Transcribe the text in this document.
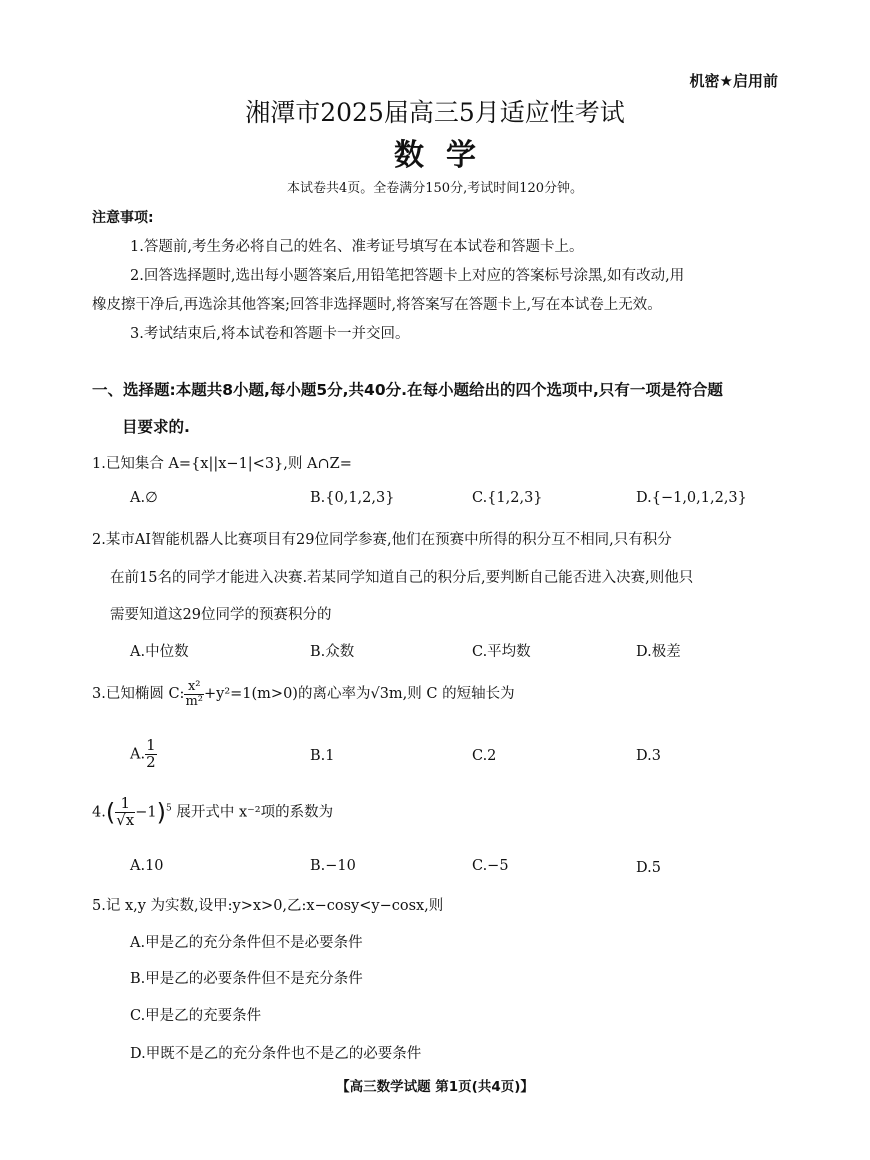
机密★启用前
湘潭市2025届高三5月适应性考试
数学
本试卷共4页。全卷满分150分,考试时间120分钟。
注意事项:
1.答题前,考生务必将自己的姓名、准考证号填写在本试卷和答题卡上。
2.回答选择题时,选出每小题答案后,用铅笔把答题卡上对应的答案标号涂黑,如有改动,用
橡皮擦干净后,再选涂其他答案;回答非选择题时,将答案写在答题卡上,写在本试卷上无效。
3.考试结束后,将本试卷和答题卡一并交回。
一、选择题:本题共8小题,每小题5分,共40分.在每小题给出的四个选项中,只有一项是符合题
目要求的.
1.已知集合 A={x||x−1|<3},则 A∩Z=
A.∅	B.{0,1,2,3}	C.{1,2,3}	D.{−1,0,1,2,3}
2.某市AI智能机器人比赛项目有29位同学参赛,他们在预赛中所得的积分互不相同,只有积分
在前15名的同学才能进入决赛.若某同学知道自己的积分后,要判断自己能否进入决赛,则他只
需要知道这29位同学的预赛积分的
A.中位数	B.众数	C.平均数	D.极差
3.已知椭圆 C: $\frac{\text{x²}}{\text{m²}} +y^2=1(m>0)$的离心率为√3m,则 C 的短轴长为
A. $\frac{1}{2}$	B.1	C.2	D.3
$4.( \frac{1}{√x} -1)^5$ 展开式中 x⁻²项的系数为
A.10	B.−10	C.−5	D.5
5.记 x,y 为实数,设甲:y>x>0,乙:x−cosy<y−cosx,则
A.甲是乙的充分条件但不是必要条件
B.甲是乙的必要条件但不是充分条件
C.甲是乙的充要条件
D.甲既不是乙的充分条件也不是乙的必要条件
【高三数学试题 第1页(共4页)】
